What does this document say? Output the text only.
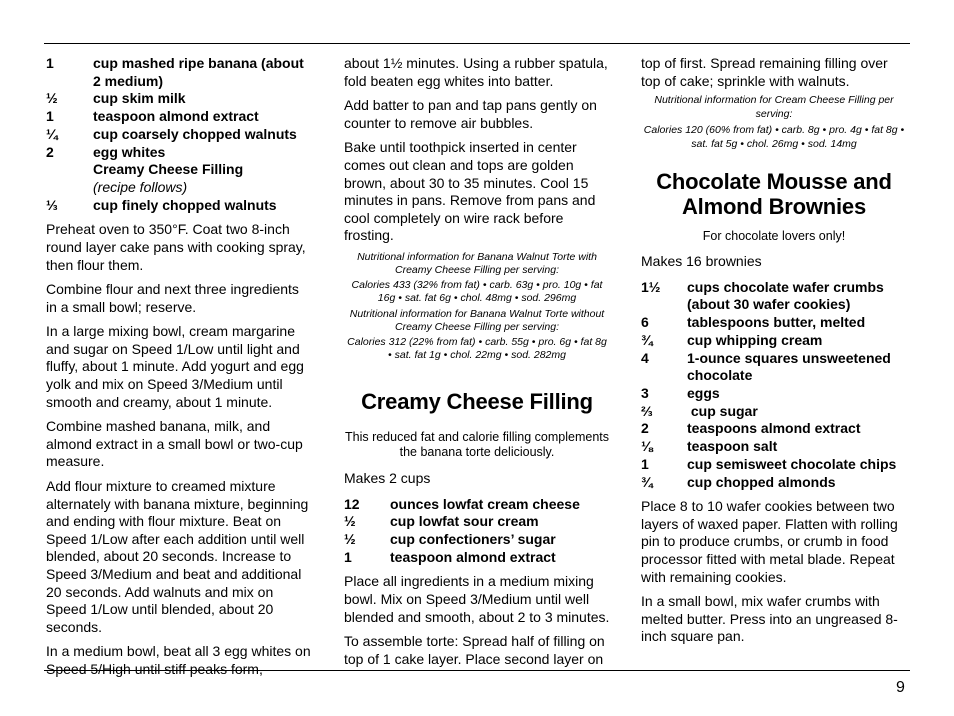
1	cup mashed ripe banana (about 2 medium)
½	cup skim milk
1	teaspoon almond extract
¼	cup coarsely chopped walnuts
2	egg whites
Creamy Cheese Filling
(recipe follows)
⅓	cup finely chopped walnuts

Preheat oven to 350°F. Coat two 8-inch round layer cake pans with cooking spray, then flour them.

Combine flour and next three ingredients in a small bowl; reserve.

In a large mixing bowl, cream margarine and sugar on Speed 1/Low until light and fluffy, about 1 minute. Add yogurt and egg yolk and mix on Speed 3/Medium until smooth and creamy, about 1 minute.

Combine mashed banana, milk, and almond extract in a small bowl or two-cup measure.

Add flour mixture to creamed mixture alternately with banana mixture, beginning and ending with flour mixture. Beat on Speed 1/Low after each addition until well blended, about 20 seconds. Increase to Speed 3/Medium and beat and additional 20 seconds. Add walnuts and mix on Speed 1/Low until blended, about 20 seconds.

In a medium bowl, beat all 3 egg whites on Speed 5/High until stiff peaks form,

about 1½ minutes. Using a rubber spatula, fold beaten egg whites into batter.

Add batter to pan and tap pans gently on counter to remove air bubbles.

Bake until toothpick inserted in center comes out clean and tops are golden brown, about 30 to 35 minutes. Cool 15 minutes in pans. Remove from pans and cool completely on wire rack before frosting.

Nutritional information for Banana Walnut Torte with Creamy Cheese Filling per serving:

Calories 433 (32% from fat) • carb. 63g • pro. 10g • fat 16g • sat. fat 6g • chol. 48mg • sod. 296mg

Nutritional information for Banana Walnut Torte without Creamy Cheese Filling per serving:

Calories 312 (22% from fat) • carb. 55g • pro. 6g • fat 8g • sat. fat 1g • chol. 22mg • sod. 282mg

Creamy Cheese Filling

This reduced fat and calorie filling complements the banana torte deliciously.

Makes 2 cups

12	ounces lowfat cream cheese
½	cup lowfat sour cream
½	cup confectioners’ sugar
1	teaspoon almond extract

Place all ingredients in a medium mixing bowl. Mix on Speed 3/Medium until well blended and smooth, about 2 to 3 minutes.

To assemble torte: Spread half of filling on top of 1 cake layer. Place second layer on

top of first. Spread remaining filling over top of cake; sprinkle with walnuts.

Nutritional information for Cream Cheese Filling per serving:

Calories 120 (60% from fat) • carb. 8g • pro. 4g • fat 8g • sat. fat 5g • chol. 26mg • sod. 14mg

Chocolate Mousse and Almond Brownies

For chocolate lovers only!

Makes 16 brownies

1½	cups chocolate wafer crumbs (about 30 wafer cookies)
6	tablespoons butter, melted
¾	cup whipping cream
4	1-ounce squares unsweetened chocolate
3	eggs
⅔	cup sugar
2	teaspoons almond extract
⅛	teaspoon salt
1	cup semisweet chocolate chips
¾	cup chopped almonds

Place 8 to 10 wafer cookies between two layers of waxed paper. Flatten with rolling pin to produce crumbs, or crumb in food processor fitted with metal blade. Repeat with remaining cookies.

In a small bowl, mix wafer crumbs with melted butter. Press into an ungreased 8-inch square pan.

9
